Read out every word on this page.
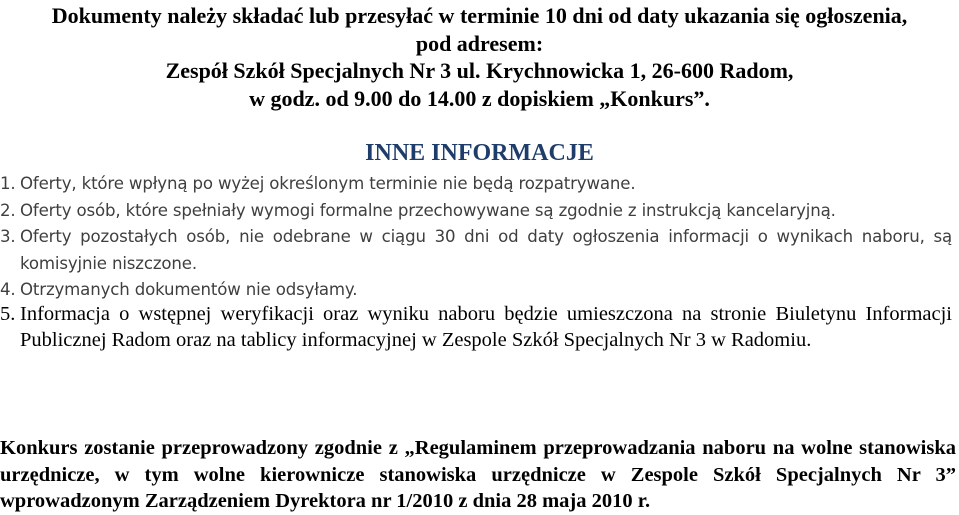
Dokumenty należy składać lub przesyłać w terminie 10 dni od daty ukazania się ogłoszenia,
pod adresem:
Zespół Szkół Specjalnych Nr 3 ul. Krychnowicka 1, 26-600 Radom,
w godz. od 9.00 do 14.00 z dopiskiem „Konkurs”.
INNE INFORMACJE
1. Oferty, które wpłyną po wyżej określonym terminie nie będą rozpatrywane.
2. Oferty osób, które spełniały wymogi formalne przechowywane są zgodnie z instrukcją kancelaryjną.
3. Oferty pozostałych osób, nie odebrane w ciągu 30 dni od daty ogłoszenia informacji o wynikach naboru, są komisyjnie niszczone.
4. Otrzymanych dokumentów nie odsyłamy.
5. Informacja o wstępnej weryfikacji oraz wyniku naboru będzie umieszczona na stronie Biuletynu Informacji Publicznej Radom oraz na tablicy informacyjnej w Zespole Szkół Specjalnych Nr 3 w Radomiu.
Konkurs zostanie przeprowadzony zgodnie z „Regulaminem przeprowadzania naboru na wolne stanowiska urzędnicze, w tym wolne kierownicze stanowiska urzędnicze w Zespole Szkół Specjalnych Nr 3” wprowadzonym Zarządzeniem Dyrektora nr 1/2010 z dnia 28 maja 2010 r.
